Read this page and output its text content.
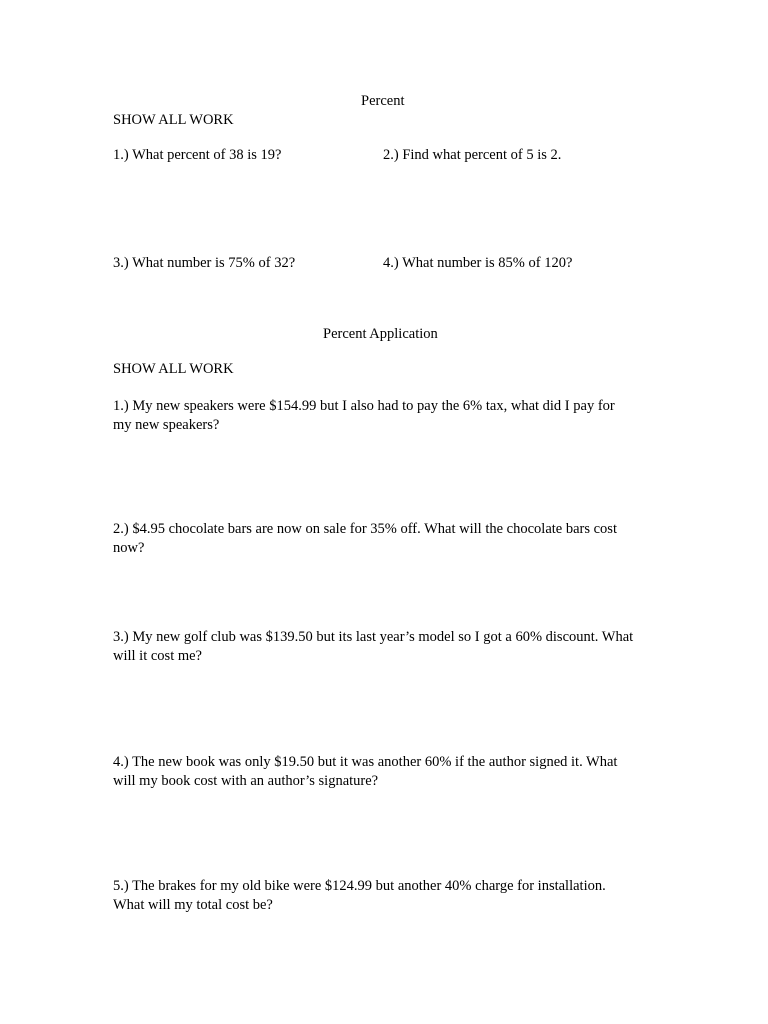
Percent
SHOW ALL WORK
1.) What percent of 38 is 19?	2.) Find what percent of 5 is 2.
3.) What number is 75% of 32?	4.) What number is 85% of 120?
Percent Application
SHOW ALL WORK
1.) My new speakers were $154.99 but I also had to pay the 6% tax, what did I pay for
my new speakers?
2.) $4.95 chocolate bars are now on sale for 35% off. What will the chocolate bars cost
now?
3.) My new golf club was $139.50 but its last year’s model so I got a 60% discount. What
will it cost me?
4.) The new book was only $19.50 but it was another 60% if the author signed it. What
will my book cost with an author’s signature?
5.) The brakes for my old bike were $124.99 but another 40% charge for installation.
What will my total cost be?
